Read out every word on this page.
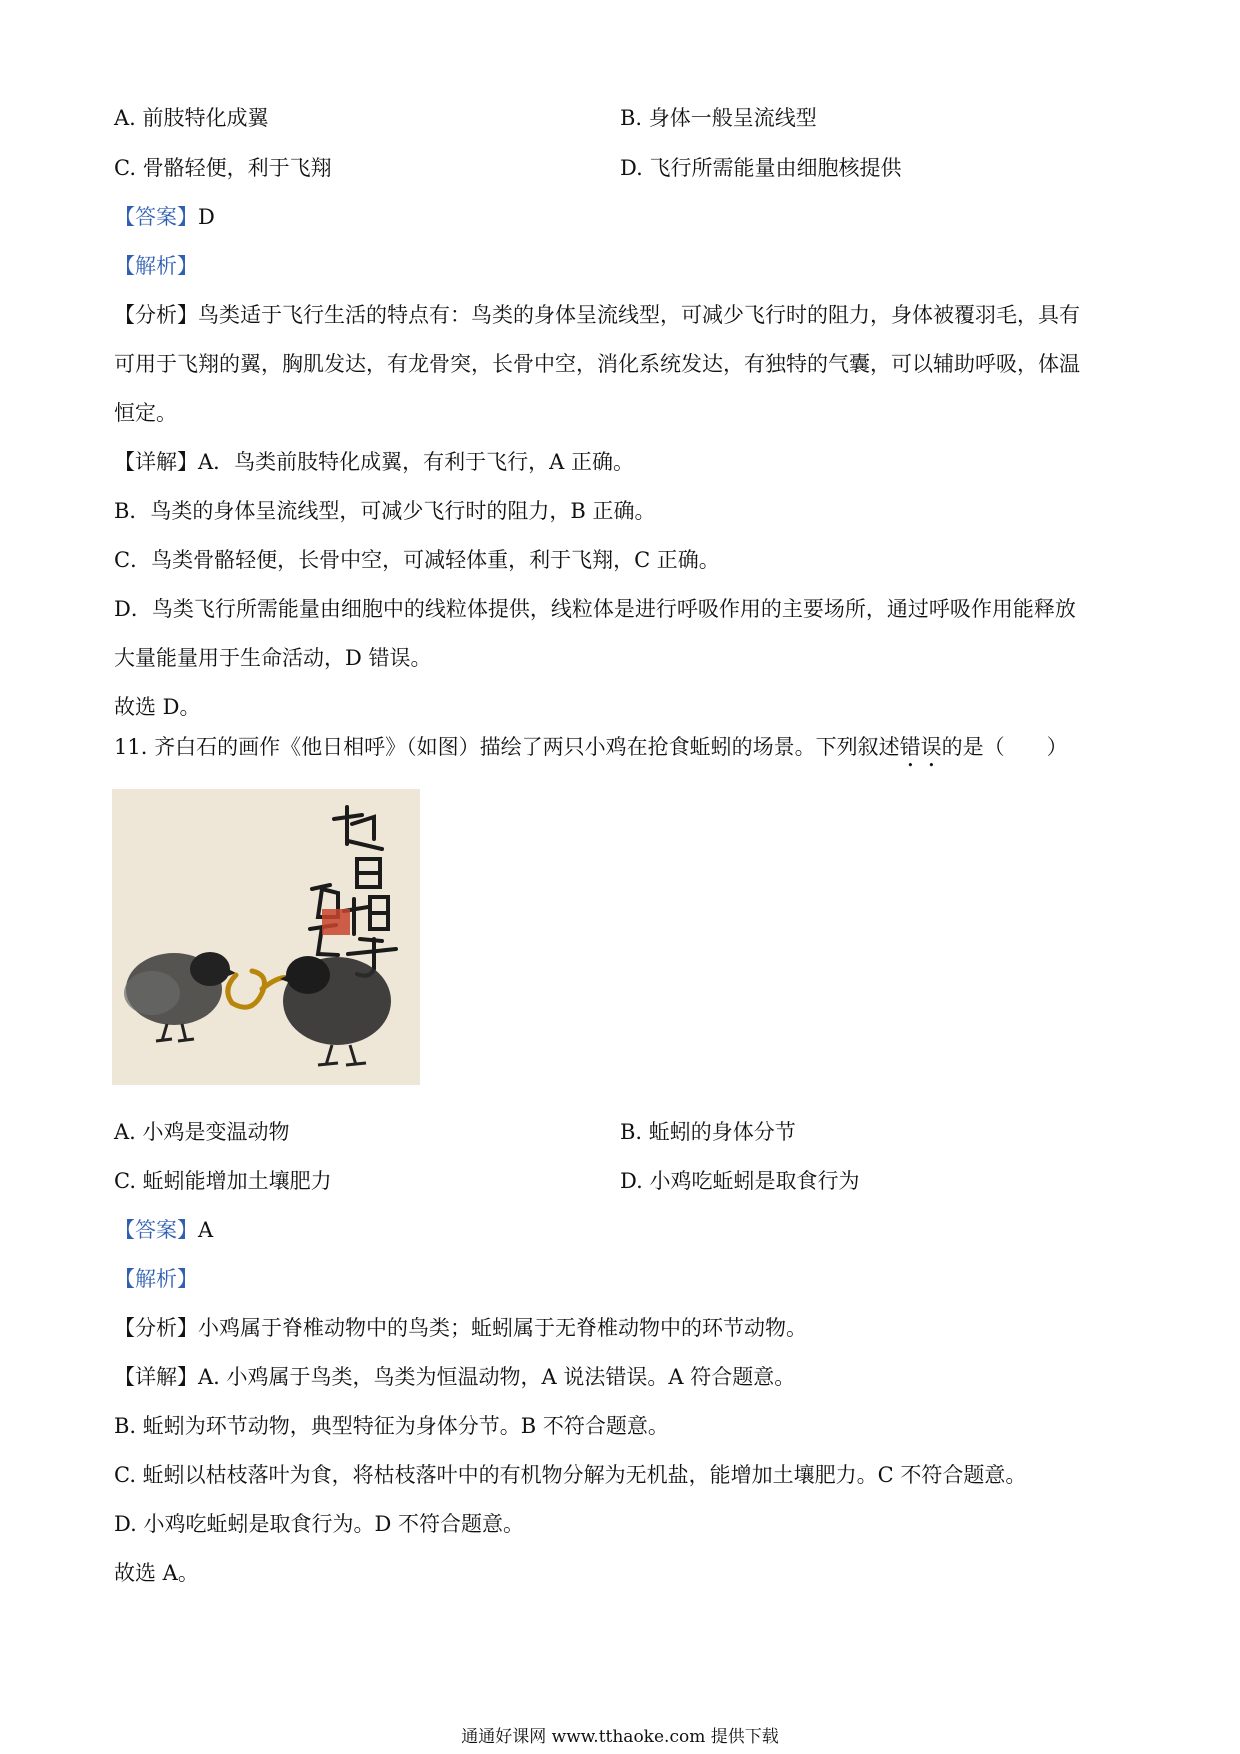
A. 前肢特化成翼	B. 身体一般呈流线型
C. 骨骼轻便，利于飞翔	D. 飞行所需能量由细胞核提供
【答案】D
【解析】
【分析】鸟类适于飞行生活的特点有：鸟类的身体呈流线型，可减少飞行时的阻力，身体被覆羽毛，具有
可用于飞翔的翼，胸肌发达，有龙骨突，长骨中空，消化系统发达，有独特的气囊，可以辅助呼吸，体温
恒定。
【详解】A．鸟类前肢特化成翼，有利于飞行，A 正确。
B．鸟类的身体呈流线型，可减少飞行时的阻力，B 正确。
C．鸟类骨骼轻便，长骨中空，可减轻体重，利于飞翔，C 正确。
D．鸟类飞行所需能量由细胞中的线粒体提供，线粒体是进行呼吸作用的主要场所，通过呼吸作用能释放
大量能量用于生命活动，D 错误。
故选 D。
11. 齐白石的画作《他日相呼》（如图）描绘了两只小鸡在抢食蚯蚓的场景。下列叙述错误的是（　　）
A. 小鸡是变温动物	B. 蚯蚓的身体分节
C. 蚯蚓能增加土壤肥力	D. 小鸡吃蚯蚓是取食行为
【答案】A
【解析】
【分析】小鸡属于脊椎动物中的鸟类；蚯蚓属于无脊椎动物中的环节动物。
【详解】A. 小鸡属于鸟类，鸟类为恒温动物，A 说法错误。A 符合题意。
B. 蚯蚓为环节动物，典型特征为身体分节。B 不符合题意。
C. 蚯蚓以枯枝落叶为食，将枯枝落叶中的有机物分解为无机盐，能增加土壤肥力。C 不符合题意。
D. 小鸡吃蚯蚓是取食行为。D 不符合题意。
故选 A。
通通好课网 www.tthaoke.com 提供下载
